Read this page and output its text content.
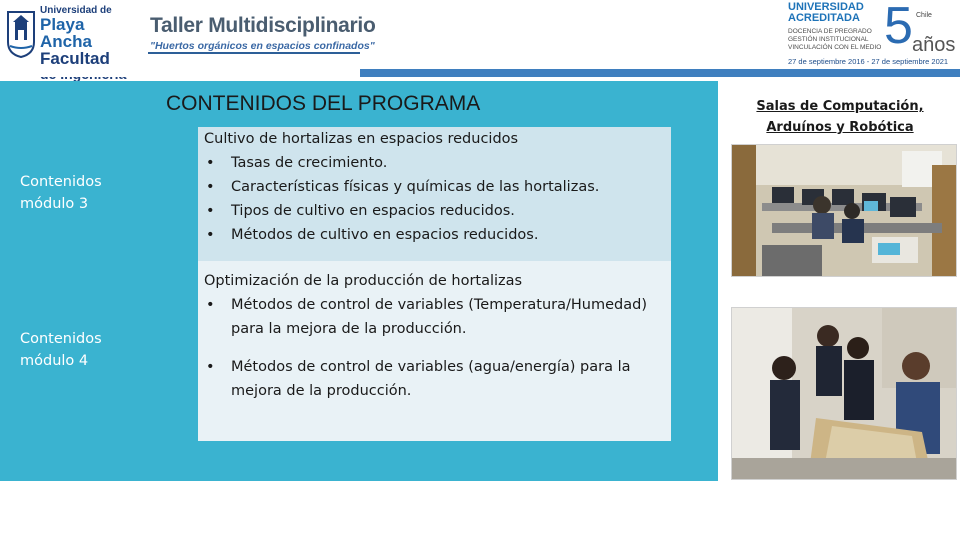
Universidad de
Playa Ancha
Facultad
Taller Multidisciplinario
"Huertos orgánicos en espacios confinados"
UNIVERSIDAD
ACREDITADA
DOCENCIA DE PREGRADO
GESTIÓN INSTITUCIONAL
VINCULACIÓN CON EL MEDIO 5 Chile
años
27 de septiembre 2016 - 27 de septiembre 2021
CONTENIDOS DEL PROGRAMA
Contenidos
módulo 3
Contenidos
módulo 4
Cultivo de hortalizas en espacios reducidos
• Tasas de crecimiento.
• Características físicas y químicas de las hortalizas.
• Tipos de cultivo en espacios reducidos.
• Métodos de cultivo en espacios reducidos.
Optimización de la producción de hortalizas
• Métodos de control de variables (Temperatura/Humedad) para la mejora de la producción.
• Métodos de control de variables (agua/energía) para la mejora de la producción.
Salas de Computación,
Arduínos y Robótica
